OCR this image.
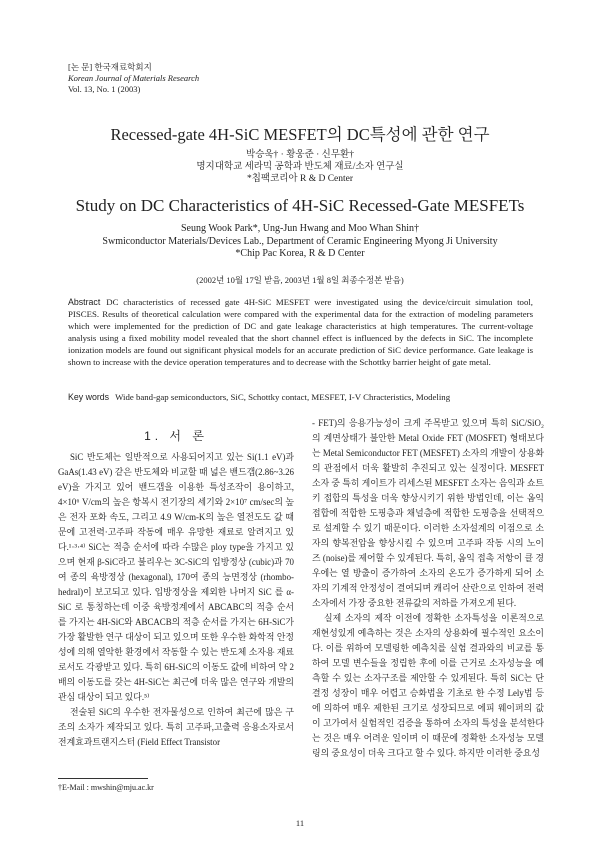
[논 문] 한국재료학회지
Korean Journal of Materials Research
Vol. 13, No. 1 (2003)
Recessed-gate 4H-SiC MESFET의 DC특성에 관한 연구
박승욱† · 황웅준 · 신무환†
명지대학교 세라믹 공학과 반도체 재료/소자 연구실
*칩팩코리아 R & D Center
Study on DC Characteristics of 4H-SiC Recessed-Gate MESFETs
Seung Wook Park*, Ung-Jun Hwang and Moo Whan Shin†
Swmiconductor Materials/Devices Lab., Department of Ceramic Engineering Myong Ji University
*Chip Pac Korea, R & D Center
(2002년 10월 17일 받음, 2003년 1월 8일 최종수정본 받음)
Abstract DC characteristics of recessed gate 4H-SiC MESFET were investigated using the device/circuit simulation tool, PISCES. Results of theoretical calculation were compared with the experimental data for the extraction of modeling parameters which were implemented for the prediction of DC and gate leakage characteristics at high temperatures. The current-voltage analysis using a fixed mobility model revealed that the short channel effect is influenced by the defects in SiC. The incomplete ionization models are found out significant physical models for an accurate prediction of SiC device performance. Gate leakage is shown to increase with the device operation temperatures and to decrease with the Schottky barrier height of gate metal.
Key words Wide band-gap semiconductors, SiC, Schottky contact, MESFET, I-V Chracteristics, Modeling
1. 서 론

SiC 반도체는 일반적으로 사용되어지고 있는 Si(1.1 eV)과 GaAs(1.43 eV) 같은 반도체와 비교할 때 넓은 밴드갭(2.86~3.26 eV)을 가지고 있어 밴드갭을 이용한 특성조작이 용이하고, 4×10⁶ V/cm의 높은 항복시 전기장의 세기와 2×10⁷ cm/sec의 높은 전자 포화 속도, 그리고 4.9 W/cm-K의 높은 열전도도 값 때문에 고전력·고주파 작동에 매우 유망한 재료로 알려지고 있다.¹·³·⁴⁾ SiC는 적층 순서에 따라 수많은 ploy type을 가지고 있으며 현재 β-SiC라고 불리우는 3C-SiC의 입방정상 (cubic)과 70여 종의 육방정상 (hexagonal), 170여 종의 능면정상 (rhombo-hedral)이 보고되고 있다. 입방정상을 제외한 나머지 SiC 를 α-SiC 로 통칭하는데 이중 육방정계에서 ABCABC의 적층 순서를 가지는 4H-SiC와 ABCACB의 적층 순서를 가지는 6H-SiC가 가장 활발한 연구 대상이 되고 있으며 또한 우수한 화학적 안정성에 의해 열악한 환경에서 작동할 수 있는 반도체 소자용 재료로서도 각광받고 있다. 특히 6H-SiC의 이동도 값에 비하여 약 2배의 이동도를 갖는 4H-SiC는 최근에 더욱 많은 연구와 개발의 관심 대상이 되고 있다.⁵⁾

전술된 SiC의 우수한 전자물성으로 인하여 최근에 많은 구조의 소자가 제작되고 있다. 특히 고주파,고출력 응용소자로서 전계효과트랜지스터 (Field Effect Transistor

- FET)의 응용가능성이 크게 주목받고 있으며 특히 SiC/SiO₂의 계면상태가 불안한 Metal Oxide FET (MOSFET) 형태보다는 Metal Semiconductor FET (MESFET) 소자의 개발이 상용화의 관점에서 더욱 활발히 추진되고 있는 실정이다. MESFET 소자 중 특히 게이트가 리세스된 MESFET 소자는 음익과 쇼트키 접합의 특성을 더욱 향상시키기 위한 방법인데, 이는 옴익접합에 적합한 도핑층과 채널층에 적합한 도핑층을 선택적으로 설계할 수 있기 때문이다. 이러한 소자설계의 이점으로 소자의 향복전압을 향상시킬 수 있으며 고주파 작동 시의 노이즈 (noise)를 제어할 수 있게된다. 특히, 옴익 접촉 저항이 클 경우에는 열 방출이 증가하여 소자의 온도가 증가하게 되어 소자의 기계적 안정성이 결여되며 캐리어 산란으로 인하여 전력소자에서 가장 중요한 전류값의 저하를 가져오게 된다.

실제 소자의 제작 이전에 정확한 소자특성을 이론적으로 재현성있게 예측하는 것은 소자의 상용화에 필수적인 요소이다. 이를 위하여 모델링한 예측치를 실험 결과와의 비교를 통하여 모델 변수들을 정립한 후에 이를 근거로 소자성능을 예측할 수 있는 소자구조를 제안할 수 있게된다. 특히 SiC는 단결정 성장이 매우 어렵고 승화법을 기초로 한 수정 Lely법 등에 의하여 매우 제한된 크기로 성장되므로 에피 웨이퍼의 값이 고가여서 실험적인 검증을 통하여 소자의 특성을 분석한다는 것은 매우 어려운 일이며 이 때문에 정확한 소자성능 모델링의 중요성이 더욱 크다고 할 수 있다. 하지만 이러한 중요성

†E-Mail : mwshin@mju.ac.kr
11
